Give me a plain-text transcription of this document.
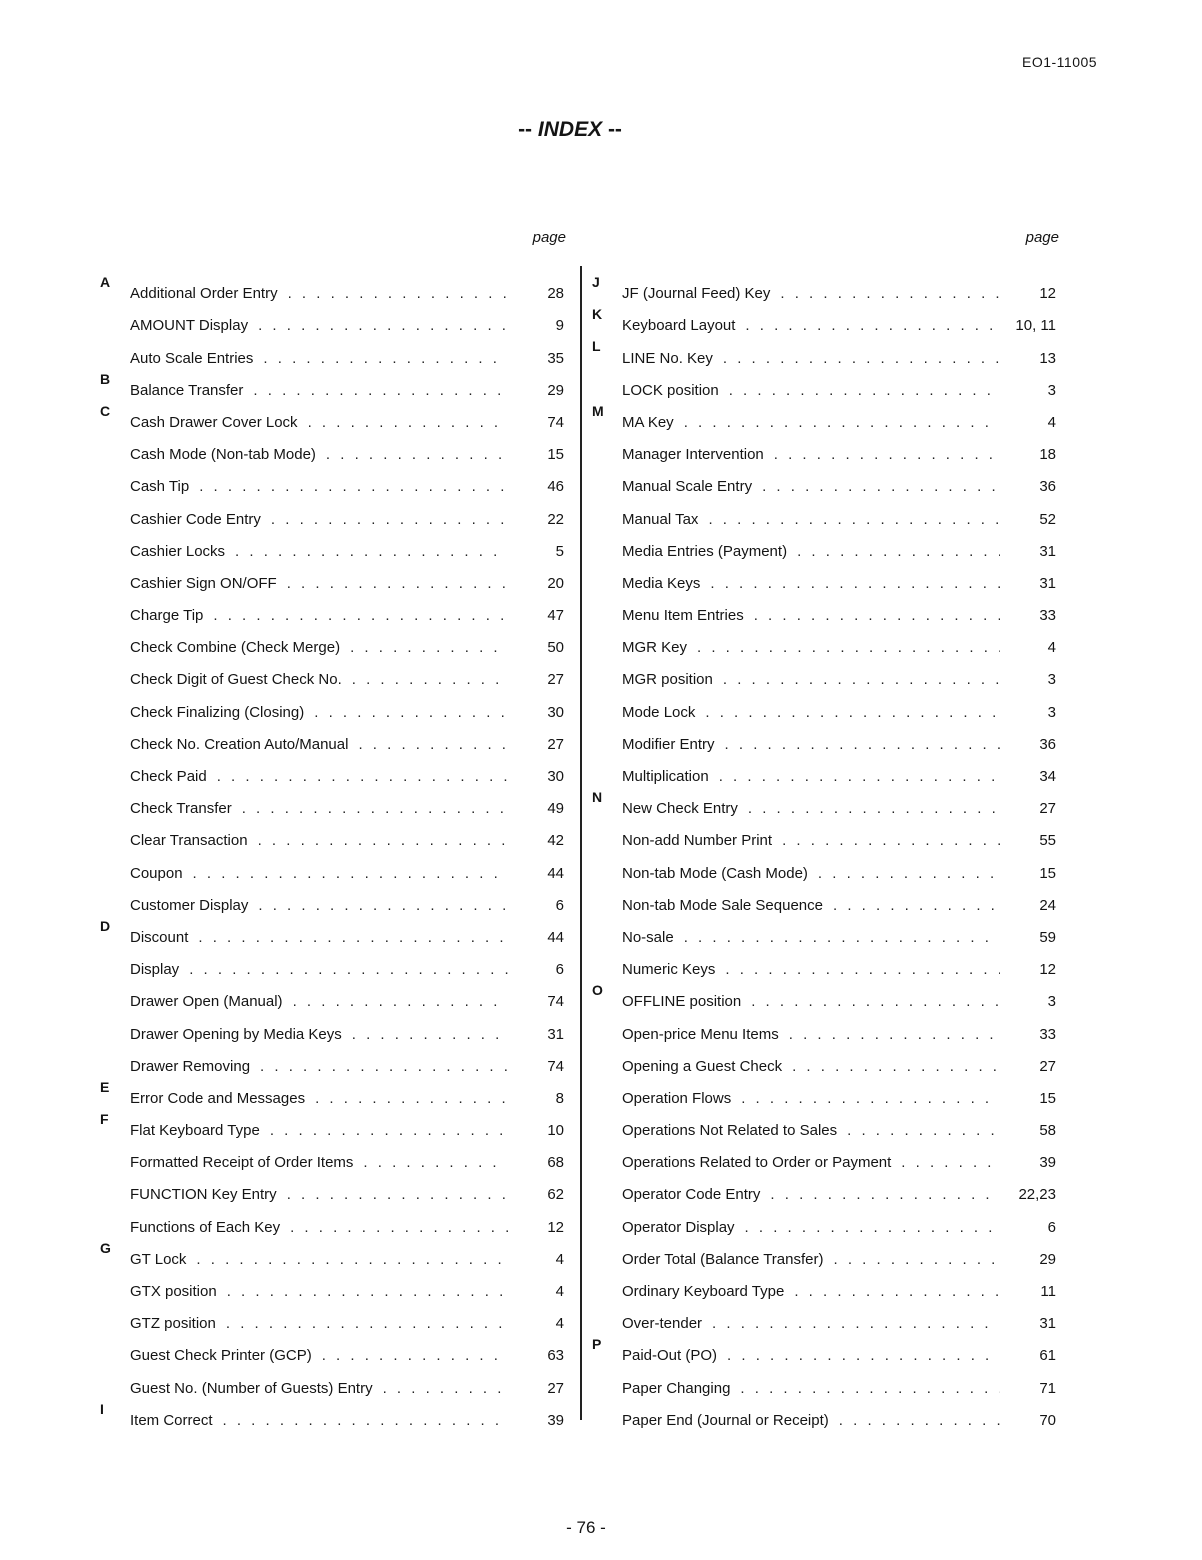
EO1-11005
-- INDEX --
page
A
Additional Order Entry . . .	28
AMOUNT Display . . .	9
Auto Scale Entries . . .	35
B
Balance Transfer . . .	29
C
Cash Drawer Cover Lock . . .	74
Cash Mode (Non-tab Mode) . . .	15
Cash Tip . . .	46
Cashier Code Entry . . .	22
Cashier Locks . . .	5
Cashier Sign ON/OFF . . .	20
Charge Tip . . .	47
Check Combine (Check Merge) . . .	50
Check Digit of Guest Check No. . . .	27
Check Finalizing (Closing) . . .	30
Check No. Creation Auto/Manual . . .	27
Check Paid . . .	30
Check Transfer . . .	49
Clear Transaction . . .	42
Coupon . . .	44
Customer Display . . .	6
D
Discount . . .	44
Display . . .	6
Drawer Open (Manual) . . .	74
Drawer Opening by Media Keys . . .	31
Drawer Removing . . .	74
E
Error Code and Messages . . .	8
F
Flat Keyboard Type . . .	10
Formatted Receipt of Order Items . . .	68
FUNCTION Key Entry . . .	62
Functions of Each Key . . .	12
G
GT Lock . . .	4
GTX position . . .	4
GTZ position . . .	4
Guest Check Printer (GCP) . . .	63
Guest No. (Number of Guests) Entry . . .	27
I
Item Correct . . .	39
page
J
JF (Journal Feed) Key . . .	12
K
Keyboard Layout . . .	10, 11
L
LINE No. Key . . .	13
LOCK position . . .	3
M
MA Key . . .	4
Manager Intervention . . .	18
Manual Scale Entry . . .	36
Manual Tax . . .	52
Media Entries (Payment) . . .	31
Media Keys . . .	31
Menu Item Entries . . .	33
MGR Key . . .	4
MGR position . . .	3
Mode Lock . . .	3
Modifier Entry . . .	36
Multiplication . . .	34
N
New Check Entry . . .	27
Non-add Number Print . . .	55
Non-tab Mode (Cash Mode) . . .	15
Non-tab Mode Sale Sequence . . .	24
No-sale . . .	59
Numeric Keys . . .	12
O
OFFLINE position . . .	3
Open-price Menu Items . . .	33
Opening a Guest Check . . .	27
Operation Flows . . .	15
Operations Not Related to Sales . . .	58
Operations Related to Order or Payment . . .	39
Operator Code Entry . . .	22,23
Operator Display . . .	6
Order Total (Balance Transfer) . . .	29
Ordinary Keyboard Type . . .	11
Over-tender . . .	31
P
Paid-Out (PO) . . .	61
Paper Changing . . .	71
Paper End (Journal or Receipt) . . .	70
- 76 -
